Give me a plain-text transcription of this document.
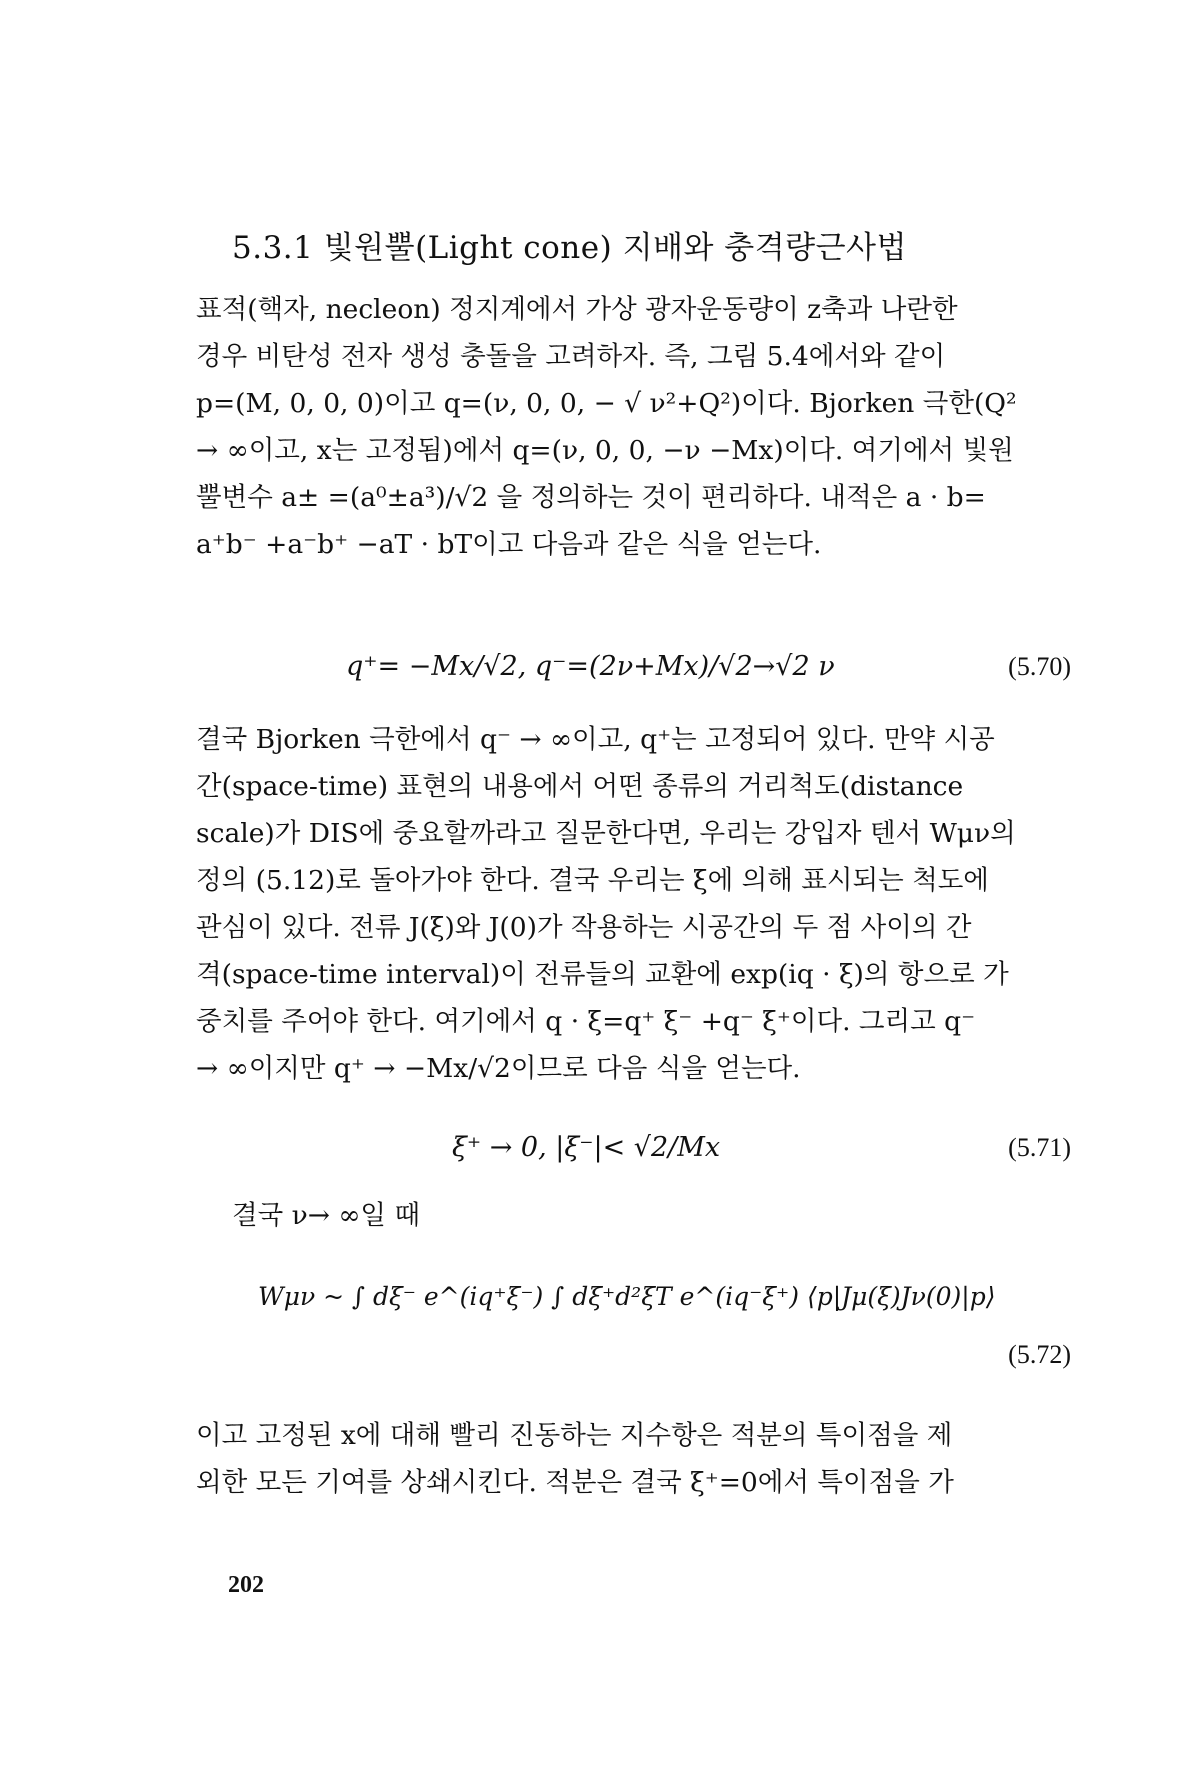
5.3.1 빛원뿔(Light cone) 지배와 충격량근사법
표적(핵자, necleon) 정지계에서 가상 광자운동량이 z축과 나란한
경우 비탄성 전자 생성 충돌을 고려하자. 즉, 그림 5.4에서와 같이
p=(M, 0, 0, 0)이고 q=(ν, 0, 0, − √ ν²+Q²)이다. Bjorken 극한(Q²
→ ∞이고, x는 고정됨)에서 q=(ν, 0, 0, −ν −Mx)이다. 여기에서 빛원
뿔변수 a± =(a⁰±a³)/√2 을 정의하는 것이 편리하다. 내적은 a · b=
a⁺b⁻ +a⁻b⁺ −aT · bT이고 다음과 같은 식을 얻는다.
q⁺= −Mx/√2, q⁻=(2ν+Mx)/√2→√2 ν	(5.70)
결국 Bjorken 극한에서 q⁻ → ∞이고, q⁺는 고정되어 있다. 만약 시공
간(space-time) 표현의 내용에서 어떤 종류의 거리척도(distance
scale)가 DIS에 중요할까라고 질문한다면, 우리는 강입자 텐서 Wμν의
정의 (5.12)로 돌아가야 한다. 결국 우리는 ξ에 의해 표시되는 척도에
관심이 있다. 전류 J(ξ)와 J(0)가 작용하는 시공간의 두 점 사이의 간
격(space-time interval)이 전류들의 교환에 exp(iq · ξ)의 항으로 가
중치를 주어야 한다. 여기에서 q · ξ=q⁺ ξ⁻ +q⁻ ξ⁺이다. 그리고 q⁻
→ ∞이지만 q⁺ → −Mx/√2이므로 다음 식을 얻는다.
ξ⁺ → 0, |ξ⁻|< √2/Mx	(5.71)
결국 ν→ ∞일 때
Wμν ~ ∫ dξ⁻ e^(iq⁺ξ⁻) ∫ dξ⁺d²ξT e^(iq⁻ξ⁺) ⟨p|Jμ(ξ)Jν(0)|p⟩
(5.72)
이고 고정된 x에 대해 빨리 진동하는 지수항은 적분의 특이점을 제
외한 모든 기여를 상쇄시킨다. 적분은 결국 ξ⁺=0에서 특이점을 가
202
